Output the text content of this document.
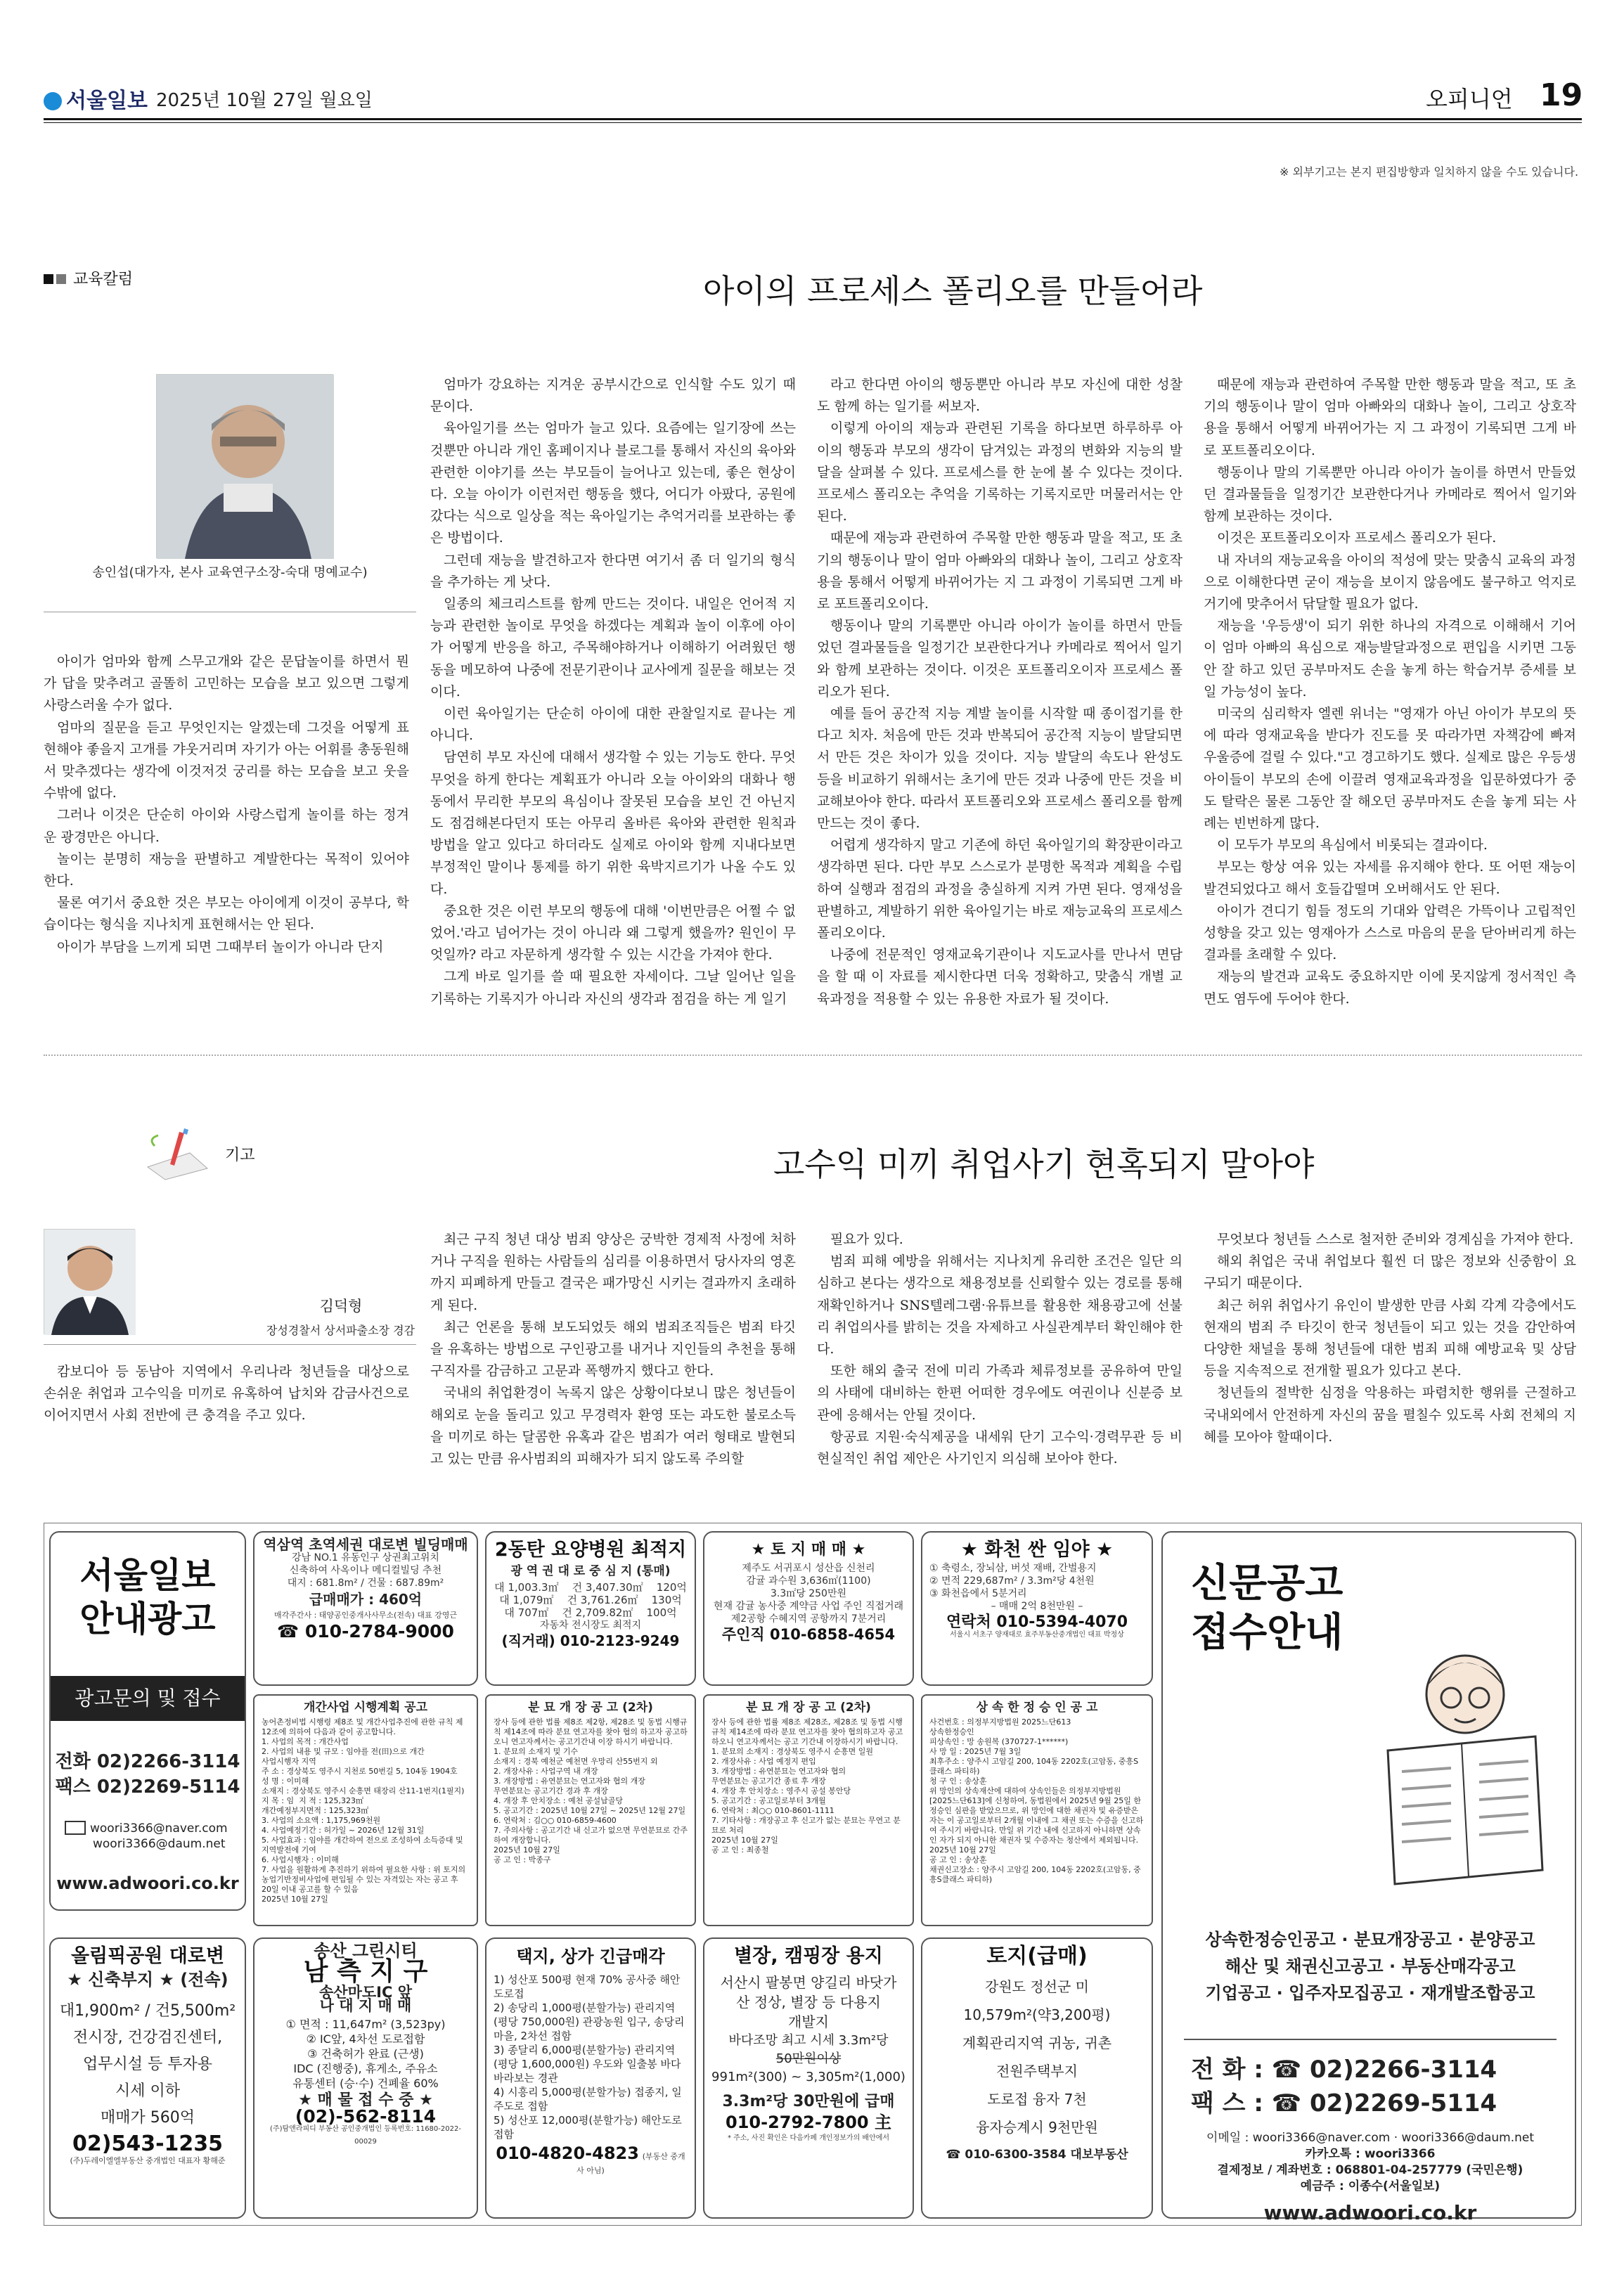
서울일보 2025년 10월 27일 월요일	오피니언 19
※ 외부기고는 본지 편집방향과 일치하지 않을 수도 있습니다.
교육칼럼	아이의 프로세스 폴리오를 만들어라
송인섭(대가자, 본사 교육연구소장-숙대 명예교수)

아이가 엄마와 함께 스무고개와 같은 문답놀이를 하면서 뭔가 답을 맞추려고 골똘히 고민하는 모습을 보고 있으면 그렇게 사랑스러울 수가 없다.

엄마의 질문을 듣고 무엇인지는 알겠는데 그것을 어떻게 표현해야 좋을지 고개를 갸웃거리며 자기가 아는 어휘를 총동원해서 맞추겠다는 생각에 이것저것 궁리를 하는 모습을 보고 웃을 수밖에 없다.

그러나 이것은 단순히 아이와 사랑스럽게 놀이를 하는 정겨운 광경만은 아니다.

놀이는 분명히 재능을 판별하고 계발한다는 목적이 있어야 한다.

물론 여기서 중요한 것은 부모는 아이에게 이것이 공부다, 학습이다는 형식을 지나치게 표현해서는 안 된다.

아이가 부담을 느끼게 되면 그때부터 놀이가 아니라 단지

엄마가 강요하는 지겨운 공부시간으로 인식할 수도 있기 때문이다.

육아일기를 쓰는 엄마가 늘고 있다. 요즘에는 일기장에 쓰는 것뿐만 아니라 개인 홈페이지나 블로그를 통해서 자신의 육아와 관련한 이야기를 쓰는 부모들이 늘어나고 있는데, 좋은 현상이다. 오늘 아이가 이런저런 행동을 했다, 어디가 아팠다, 공원에 갔다는 식으로 일상을 적는 육아일기는 추억거리를 보관하는 좋은 방법이다.

그런데 재능을 발견하고자 한다면 여기서 좀 더 일기의 형식을 추가하는 게 낫다.

일종의 체크리스트를 함께 만드는 것이다. 내일은 언어적 지능과 관련한 놀이로 무엇을 하겠다는 계획과 놀이 이후에 아이가 어떻게 반응을 하고, 주목해야하거나 이해하기 어려웠던 행동을 메모하여 나중에 전문기관이나 교사에게 질문을 해보는 것이다.

이런 육아일기는 단순히 아이에 대한 관찰일지로 끝나는 게 아니다.

담연히 부모 자신에 대해서 생각할 수 있는 기능도 한다. 무엇 무엇을 하게 한다는 계획표가 아니라 오늘 아이와의 대화나 행동에서 무리한 부모의 욕심이나 잘못된 모습을 보인 건 아닌지도 점검해본다던지 또는 아무리 올바른 육아와 관련한 원칙과 방법을 알고 있다고 하더라도 실제로 아이와 함께 지내다보면 부정적인 말이나 통제를 하기 위한 육박지르기가 나올 수도 있다.

중요한 것은 이런 부모의 행동에 대해 '이번만큼은 어쩔 수 없었어.'라고 넘어가는 것이 아니라 왜 그렇게 했을까? 원인이 무엇일까? 라고 자문하게 생각할 수 있는 시간을 가져야 한다.

그게 바로 일기를 쓸 때 필요한 자세이다. 그날 일어난 일을 기록하는 기록지가 아니라 자신의 생각과 점검을 하는 게 일기

라고 한다면 아이의 행동뿐만 아니라 부모 자신에 대한 성찰도 함께 하는 일기를 써보자.

이렇게 아이의 재능과 관련된 기록을 하다보면 하루하루 아이의 행동과 부모의 생각이 담겨있는 과정의 변화와 지능의 발달을 살펴볼 수 있다. 프로세스를 한 눈에 볼 수 있다는 것이다. 프로세스 폴리오는 추억을 기록하는 기록지로만 머물러서는 안 된다.

때문에 재능과 관련하여 주목할 만한 행동과 말을 적고, 또 초기의 행동이나 말이 엄마 아빠와의 대화나 놀이, 그리고 상호작용을 통해서 어떻게 바뀌어가는 지 그 과정이 기록되면 그게 바로 포트폴리오이다.

행동이나 말의 기록뿐만 아니라 아이가 놀이를 하면서 만들었던 결과물들을 일정기간 보관한다거나 카메라로 찍어서 일기와 함께 보관하는 것이다. 이것은 포트폴리오이자 프로세스 폴리오가 된다.

예를 들어 공간적 지능 계발 놀이를 시작할 때 종이접기를 한다고 치자. 처음에 만든 것과 반복되어 공간적 지능이 발달되면서 만든 것은 차이가 있을 것이다. 지능 발달의 속도나 완성도 등을 비교하기 위해서는 초기에 만든 것과 나중에 만든 것을 비교해보아야 한다. 따라서 포트폴리오와 프로세스 폴리오를 함께 만드는 것이 좋다.

어렵게 생각하지 말고 기존에 하던 육아일기의 확장판이라고 생각하면 된다. 다만 부모 스스로가 분명한 목적과 계획을 수립하여 실행과 점검의 과정을 충실하게 지켜 가면 된다. 영재성을 판별하고, 계발하기 위한 육아일기는 바로 재능교육의 프로세스 폴리오이다.

나중에 전문적인 영재교육기관이나 지도교사를 만나서 면담을 할 때 이 자료를 제시한다면 더욱 정확하고, 맞춤식 개별 교육과정을 적용할 수 있는 유용한 자료가 될 것이다.

때문에 재능과 관련하여 주목할 만한 행동과 말을 적고, 또 초기의 행동이나 말이 엄마 아빠와의 대화나 놀이, 그리고 상호작용을 통해서 어떻게 바뀌어가는 지 그 과정이 기록되면 그게 바로 포트폴리오이다.

행동이나 말의 기록뿐만 아니라 아이가 놀이를 하면서 만들었던 결과물들을 일정기간 보관한다거나 카메라로 찍어서 일기와 함께 보관하는 것이다.

이것은 포트폴리오이자 프로세스 폴리오가 된다.

내 자녀의 재능교육을 아이의 적성에 맞는 맞춤식 교육의 과정으로 이해한다면 굳이 재능을 보이지 않음에도 불구하고 억지로 거기에 맞추어서 닦달할 필요가 없다.

재능을 '우등생'이 되기 위한 하나의 자격으로 이해해서 기어이 엄마 아빠의 욕심으로 재능발달과정으로 편입을 시키면 그동안 잘 하고 있던 공부마저도 손을 놓게 하는 학습거부 증세를 보일 가능성이 높다.

미국의 심리학자 엘렌 위너는 "영재가 아닌 아이가 부모의 뜻에 따라 영재교육을 받다가 진도를 못 따라가면 자책감에 빠져 우울증에 걸릴 수 있다."고 경고하기도 했다. 실제로 많은 우등생 아이들이 부모의 손에 이끌려 영재교육과정을 입문하였다가 중도 탈락은 물론 그동안 잘 해오던 공부마저도 손을 놓게 되는 사례는 빈번하게 많다.

이 모두가 부모의 욕심에서 비롯되는 결과이다.

부모는 항상 여유 있는 자세를 유지해야 한다. 또 어떤 재능이 발견되었다고 해서 호들갑떨며 오버해서도 안 된다.

아이가 견디기 힘들 정도의 기대와 압력은 가뜩이나 고립적인 성향을 갖고 있는 영재아가 스스로 마음의 문을 닫아버리게 하는 결과를 초래할 수 있다.

재능의 발견과 교육도 중요하지만 이에 못지않게 정서적인 측면도 염두에 두어야 한다.

기고	고수익 미끼 취업사기 현혹되지 말아야
김덕형
장성경찰서 상서파출소장 경감

캄보디아 등 동남아 지역에서 우리나라 청년들을 대상으로 손쉬운 취업과 고수익을 미끼로 유혹하여 납치와 감금사건으로 이어지면서 사회 전반에 큰 충격을 주고 있다.

최근 구직 청년 대상 범죄 양상은 궁박한 경제적 사정에 처하거나 구직을 원하는 사람들의 심리를 이용하면서 당사자의 영혼까지 피폐하게 만들고 결국은 패가망신 시키는 결과까지 초래하게 된다.

최근 언론을 통해 보도되었듯 해외 범죄조직들은 범죄 타깃을 유혹하는 방법으로 구인광고를 내거나 지인들의 추천을 통해 구직자를 감금하고 고문과 폭행까지 했다고 한다.

국내의 취업환경이 녹록지 않은 상황이다보니 많은 청년들이 해외로 눈을 돌리고 있고 무경력자 환영 또는 과도한 불로소득을 미끼로 하는 달콤한 유혹과 같은 범죄가 여러 형태로 발현되고 있는 만큼 유사범죄의 피해자가 되지 않도록 주의할

필요가 있다.

범죄 피해 예방을 위해서는 지나치게 유리한 조건은 일단 의심하고 본다는 생각으로 채용정보를 신뢰할수 있는 경로를 통해 재확인하거나 SNS텔레그램·유튜브를 활용한 채용광고에 선불리 취업의사를 밝히는 것을 자제하고 사실관계부터 확인해야 한다.

또한 해외 출국 전에 미리 가족과 체류정보를 공유하여 만일의 사태에 대비하는 한편 어떠한 경우에도 여권이나 신분증 보관에 응해서는 안될 것이다.

항공료 지원·숙식제공을 내세워 단기 고수익·경력무관 등 비현실적인 취업 제안은 사기인지 의심해 보아야 한다.

무엇보다 청년들 스스로 철저한 준비와 경계심을 가져야 한다.

해외 취업은 국내 취업보다 훨씬 더 많은 정보와 신중함이 요구되기 때문이다.

최근 허위 취업사기 유인이 발생한 만큼 사회 각계 각층에서도 현재의 범죄 주 타깃이 한국 청년들이 되고 있는 것을 감안하여 다양한 채널을 통해 청년들에 대한 범죄 피해 예방교육 및 상담 등을 지속적으로 전개할 필요가 있다고 본다.

청년들의 절박한 심정을 악용하는 파렴치한 행위를 근절하고 국내외에서 안전하게 자신의 꿈을 펼칠수 있도록 사회 전체의 지혜를 모아야 할때이다.

서울일보
안내광고
광고문의 및 접수
전화 02)2266-3114
팩스 02)2269-5114
woori3366@naver.com
woori3366@daum.net
www.adwoori.co.kr
역삼역 초역세권 대로변 빌딩매매
강남 NO.1 유동인구 상권최고위치
신축하여 사옥이나 메디컬빌딩 추천
대지 : 681.8m² / 건물 : 687.89m²
급매매가 : 460억
매각주간사 : 태양공인중개사사무소(전속) 대표 강영근
☎ 010-2784-9000
2동탄 요양병원 최적지
광 역 권 대 로 중 심 지 (통매)
대 1,003.3㎡    건 3,407.30㎡    120억
대 1,079㎡    건 3,761.26㎡    130억
대 707㎡    건 2,709.82㎡    100억
자동차 전시장도 최적지
(직거래) 010-2123-9249
★ 토 지 매 매 ★
제주도 서귀포시 성산읍 신천리
감귤 과수원 3,636㎡(1100)
3.3㎡당 250만원
현재 감귤 농사중 계약금 사업 주인 직접거래
제2공항 수혜지역 공항까지 7분거리
주인직 010-6858-4654
★ 화천 싼 임야 ★
① 축령소, 장뇌삼, 버섯 재배, 간벌용지
② 면적 229,687m² / 3.3m²당 4천원
③ 화천읍에서 5분거리
– 매매 2억 8천만원 –
연락처 010-5394-4070
서울시 서초구 양재대로 효주부동산중개법인 대표 박정상
개간사업 시행계획 공고
농어촌정비법 시행령 제8조 및 개간사업추진에 관한 규칙 제12조에 의하여 다음과 같이 공고합니다.
1. 사업의 목적 : 개간사업
2. 사업의 내용 및 규모 : 임야를 전(田)으로 개간
사업시행자 지역
주 소 : 경상북도 영주시 지천로 50번길 5, 104동 1904호
성 명 : 이미해
소재지 : 경상북도 영주시 순흥면 태장리 산11-1번지(1필지)
지 목 : 임  지 적 : 125,323㎡
개간예정부지면적 : 125,323㎡
3. 사업의 소요액 : 1,175,969천원
4. 사업예정기간 : 허가일 ~ 2026년 12월 31일
5. 사업효과 : 임야를 개간하여 전으로 조성하여 소득증대 및 지역발전에 기여
6. 사업시행자 : 이미해
7. 사업을 원활하게 추진하기 위하여 필요한 사항 : 위 토지의 농업기반정비사업에 편입될 수 있는 자격있는 자는 공고 후 20일 이내 공고를 할 수 있음
2025년 10월 27일
분 묘 개 장 공 고 (2차)
장사 등에 관한 법률 제8조 제2항, 제28조 및 동법 시행규칙 제14조에 따라 분묘 연고자를 찾아 협의 하고자 공고하오니 연고자께서는 공고기간내 이장 하시기 바랍니다.
1. 분묘의 소재지 및 기수
소재지 : 경북 예천군 예천면 우망리 산55번지 외
2. 개장사유 : 사업구역 내 개장
3. 개장방법 : 유연분묘는 연고자와 협의 개장
무연분묘는 공고기간 경과 후 개장
4. 개장 후 안치장소 : 예천 공설납골당
5. 공고기간 : 2025년 10월 27일 ~ 2025년 12월 27일
6. 연락처 : 김○○ 010-6859-4600
7. 주의사항 : 공고기간 내 신고가 없으면 무연분묘로 간주하여 개장합니다.
2025년 10월 27일
공 고 인 : 박종구
분 묘 개 장 공 고 (2차)
장사 등에 관한 법률 제8조 제28조, 제28조 및 동법 시행규칙 제14조에 따라 분묘 연고자를 찾아 협의하고자 공고하오니 연고자께서는 공고 기간내 이장하시기 바랍니다.
1. 분묘의 소재지 : 경상북도 영주시 순흥면 일원
2. 개장사유 : 사업 예정지 편입
3. 개장방법 : 유연분묘는 연고자와 협의
무연분묘는 공고기간 종료 후 개장
4. 개장 후 안치장소 : 영주시 공설 봉안당
5. 공고기간 : 공고일로부터 3개월
6. 연락처 : 최○○ 010-8601-1111
7. 기타사항 : 개장공고 후 신고가 없는 분묘는 무연고 분묘로 처리
2025년 10월 27일
공 고 인 : 최종철
상 속 한 정 승 인 공 고
사건번호 : 의정부지방법원 2025느단613
상속한정승인
피상속인 : 망 송원복 (370727-1******)
사 망 일 : 2025년 7월 3일
최후주소 : 양주시 고암길 200, 104동 2202호(고암동, 중흥S클래스 파티하)
청 구 인 : 송상훈
위 망인의 상속재산에 대하여 상속인들은 의정부지방법원 [2025느단613]에 신청하여, 동법원에서 2025년 9월 25일 한정승인 심판을 받았으므로, 위 망인에 대한 채권자 및 유증받은 자는 이 공고일로부터 2개월 이내에 그 채권 또는 수증을 신고하여 주시기 바랍니다. 만일 위 기간 내에 신고하지 아니하면 상속인 자가 되지 아니한 채권자 및 수증자는 청산에서 제외됩니다.
2025년 10월 27일
공 고 인 : 송상훈
채권신고장소 : 양주시 고암길 200, 104동 2202호(고암동, 중흥S클래스 파티하)
올림픽공원 대로변
★ 신축부지 ★ (전속)
대1,900m² / 건5,500m²
전시장, 건강검진센터,
업무시설 등 투자용
시세 이하
매매가 560억
02)543-1235
(주)두레이엘엘부동산 중개법인 대표자 황해준
송산 그린시티
남 측 지 구
송산마도IC 앞
나 대 지 매 매
① 면적 : 11,647m² (3,523py)
② IC앞, 4차선 도로접함
③ 건축허가 완료 (근생)
IDC (진행중), 휴게소, 주유소
유통센터 (승·수) 건폐율 60%
★ 매 물 접 수 중 ★
(02)-562-8114
(주)탐앤라피디 부동산 공인중개법인 등록번호: 11680-2022-00029
택지, 상가 긴급매각
1) 성산포 500평 현재 70% 공사중 해안도로접
2) 송당리 1,000평(분할가능) 관리지역(평당 750,000원) 관광농원 입구, 송당리 마을, 2차선 접함
3) 종달리 6,000평(분할가능) 관리지역(평당 1,600,000원) 우도와 일출봉 바다 바라보는 경관
4) 시흥리 5,000평(분할가능) 접종지, 일주도로 접함
5) 성산포 12,000평(분할가능) 해안도로 접함
010-4820-4823 (부동산 중개사 아님)
별장, 캠핑장 용지
서산시 팔봉면 양길리 바닷가
산 정상, 별장 등 다용지
개발지
바다조망 최고 시세 3.3m²당
50만원이상
991m²(300) ~ 3,305m²(1,000)
3.3m²당 30만원에 급매
010-2792-7800 主
* 주소, 사진 확인은 다음카페 개인정보가의 배안에서
토지(급매)
강원도 정선군 미
10,579m²(약3,200평)
계획관리지역 귀농, 귀촌
전원주택부지
도로접 융자 7천
융자승계시 9천만원
☎ 010-6300-3584 대보부동산
신문공고
접수안내
상속한정승인공고 · 분묘개장공고 · 분양공고
해산 및 채권신고공고 · 부동산매각공고
기업공고 · 입주자모집공고 · 재개발조합공고
전 화 : ☎ 02)2266-3114
팩 스 : ☎ 02)2269-5114
이메일 : woori3366@naver.com · woori3366@daum.net
카카오톡 : woori3366
결제정보 / 계좌번호 : 068801-04-257779 (국민은행)
예금주 : 이종수(서울일보)
www.adwoori.co.kr
